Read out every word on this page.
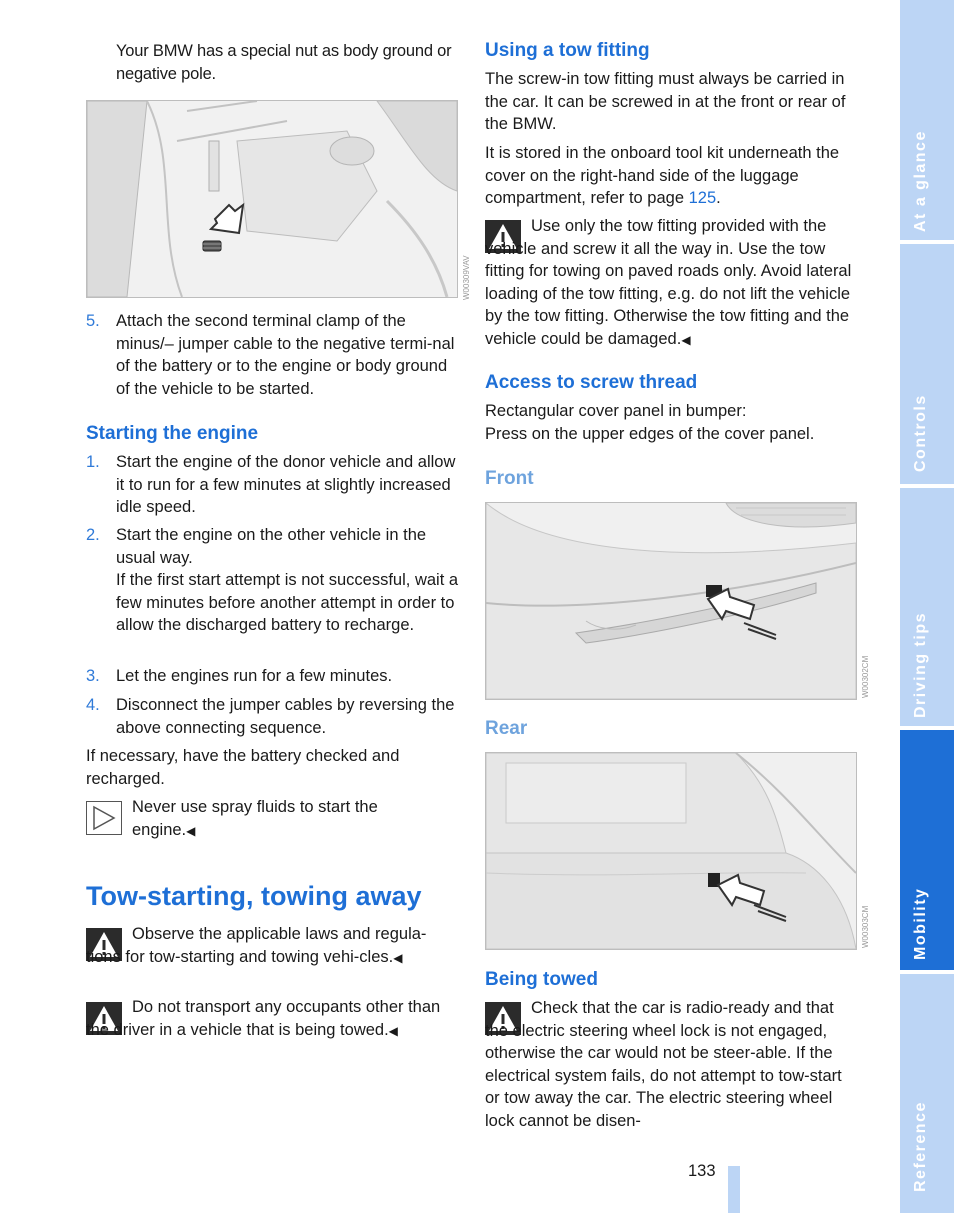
Your BMW has a special nut as body ground or negative pole.

W00309VAV
5. Attach the second terminal clamp of the minus/– jumper cable to the negative termi-nal of the battery or to the engine or body ground of the vehicle to be started.

Starting the engine
1. Start the engine of the donor vehicle and allow it to run for a few minutes at slightly increased idle speed.

2. Start the engine on the other vehicle in the usual way.

If the first start attempt is not successful, wait a few minutes before another attempt in order to allow the discharged battery to recharge.

3. Let the engines run for a few minutes.

4. Disconnect the jumper cables by reversing the above connecting sequence.

If necessary, have the battery checked and recharged.

Never use spray fluids to start the engine.◀

Tow-starting, towing away

Observe the applicable laws and regula-tions for tow-starting and towing vehi-cles.◀

Do not transport any occupants other than the driver in a vehicle that is being towed.◀

Using a tow fitting

The screw-in tow fitting must always be carried in the car. It can be screwed in at the front or rear of the BMW.

It is stored in the onboard tool kit underneath the cover on the right-hand side of the luggage compartment, refer to page 125.

Use only the tow fitting provided with the vehicle and screw it all the way in. Use the tow fitting for towing on paved roads only. Avoid lateral loading of the tow fitting, e.g. do not lift the vehicle by the tow fitting. Otherwise the tow fitting and the vehicle could be damaged.◀

Access to screw thread

Rectangular cover panel in bumper:

Press on the upper edges of the cover panel.

Front
W00302CM
Rear
W00303CM
Being towed

Check that the car is radio-ready and that the electric steering wheel lock is not engaged, otherwise the car would not be steer-able. If the electrical system fails, do not attempt to tow-start or tow away the car. The electric steering wheel lock cannot be disen-

At a glance
Controls
Driving tips
Mobility
Reference
133
